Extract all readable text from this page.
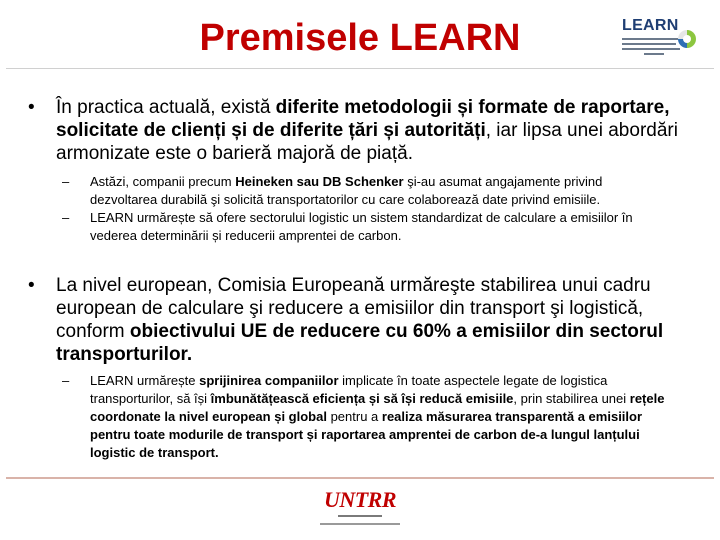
Premisele LEARN	LEARN
• În practica actuală, există diferite metodologii și formate de raportare, solicitate de clienți și de diferite țări și autorități, iar lipsa unei abordări armonizate este o barieră majoră de piață.
– Astăzi, companii precum Heineken sau DB Schenker şi-au asumat angajamente privind dezvoltarea durabilă şi solicită transportatorilor cu care colaborează date privind emisiile.
– LEARN urmărește să ofere sectorului logistic un sistem standardizat de calculare a emisiilor în vederea determinării și reducerii amprentei de carbon.
• La nivel european, Comisia Europeană urmăreşte stabilirea unui cadru european de calculare şi reducere a emisiilor din transport şi logistică, conform obiectivului UE de reducere cu 60% a emisiilor din sectorul transporturilor.
– LEARN urmărește sprijinirea companiilor implicate în toate aspectele legate de logistica transporturilor, să își îmbunătățească eficiența și să își reducă emisiile, prin stabilirea unei rețele coordonate la nivel european și global pentru a realiza măsurarea transparentă a emisiilor pentru toate modurile de transport și raportarea amprentei de carbon de-a lungul lanțului logistic de transport.
UNTRR
